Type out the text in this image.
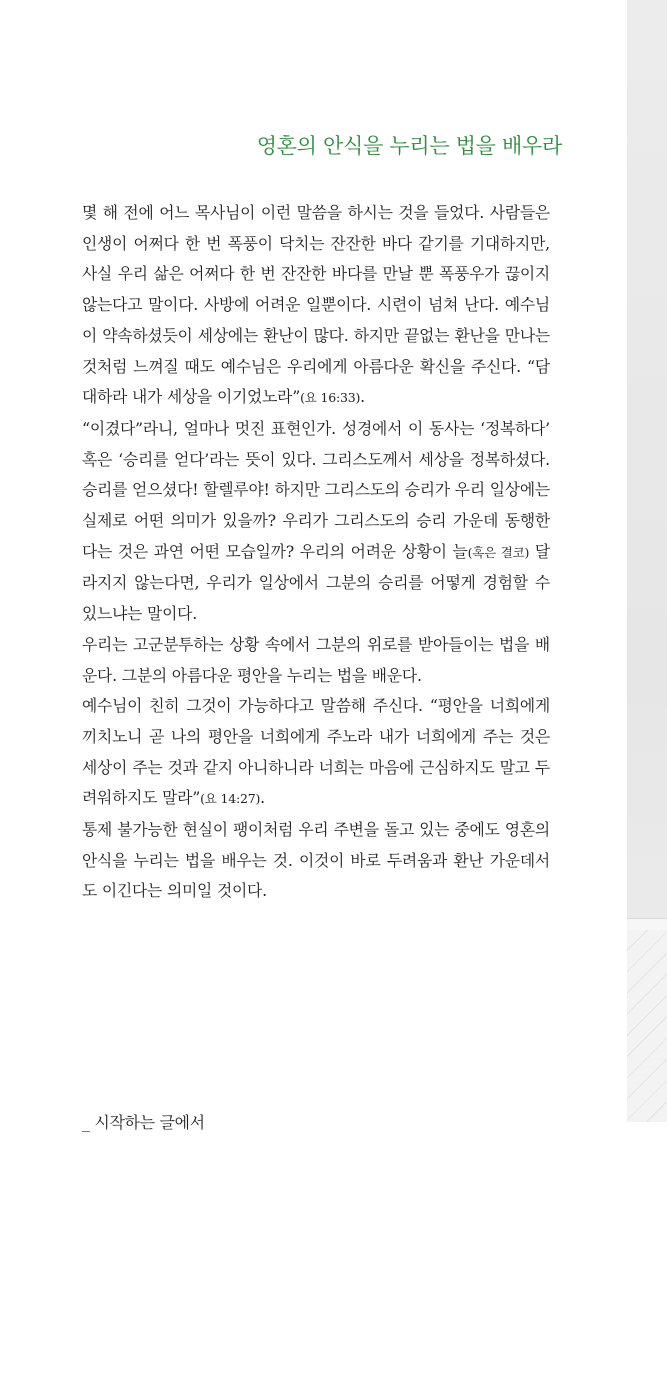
영혼의 안식을 누리는 법을 배우라

몇 해 전에 어느 목사님이 이런 말씀을 하시는 것을 들었다. 사람들은 인생이 어쩌다 한 번 폭풍이 닥치는 잔잔한 바다 같기를 기대하지만, 사실 우리 삶은 어쩌다 한 번 잔잔한 바다를 만날 뿐 폭풍우가 끊이지 않는다고 말이다. 사방에 어려운 일뿐이다. 시련이 넘쳐 난다. 예수님이 약속하셨듯이 세상에는 환난이 많다. 하지만 끝없는 환난을 만나는 것처럼 느껴질 때도 예수님은 우리에게 아름다운 확신을 주신다. “담대하라 내가 세상을 이기었노라”(요 16:33).

“이겼다”라니, 얼마나 멋진 표현인가. 성경에서 이 동사는 ‘정복하다’ 혹은 ‘승리를 얻다’라는 뜻이 있다. 그리스도께서 세상을 정복하셨다. 승리를 얻으셨다! 할렐루야! 하지만 그리스도의 승리가 우리 일상에는 실제로 어떤 의미가 있을까? 우리가 그리스도의 승리 가운데 동행한다는 것은 과연 어떤 모습일까? 우리의 어려운 상황이 늘(혹은 결코) 달라지지 않는다면, 우리가 일상에서 그분의 승리를 어떻게 경험할 수 있느냐는 말이다.

우리는 고군분투하는 상황 속에서 그분의 위로를 받아들이는 법을 배운다. 그분의 아름다운 평안을 누리는 법을 배운다.

예수님이 친히 그것이 가능하다고 말씀해 주신다. “평안을 너희에게 끼치노니 곧 나의 평안을 너희에게 주노라 내가 너희에게 주는 것은 세상이 주는 것과 같지 아니하니라 너희는 마음에 근심하지도 말고 두려워하지도 말라”(요 14:27).

통제 불가능한 현실이 팽이처럼 우리 주변을 돌고 있는 중에도 영혼의 안식을 누리는 법을 배우는 것. 이것이 바로 두려움과 환난 가운데서도 이긴다는 의미일 것이다.

_ 시작하는 글에서
